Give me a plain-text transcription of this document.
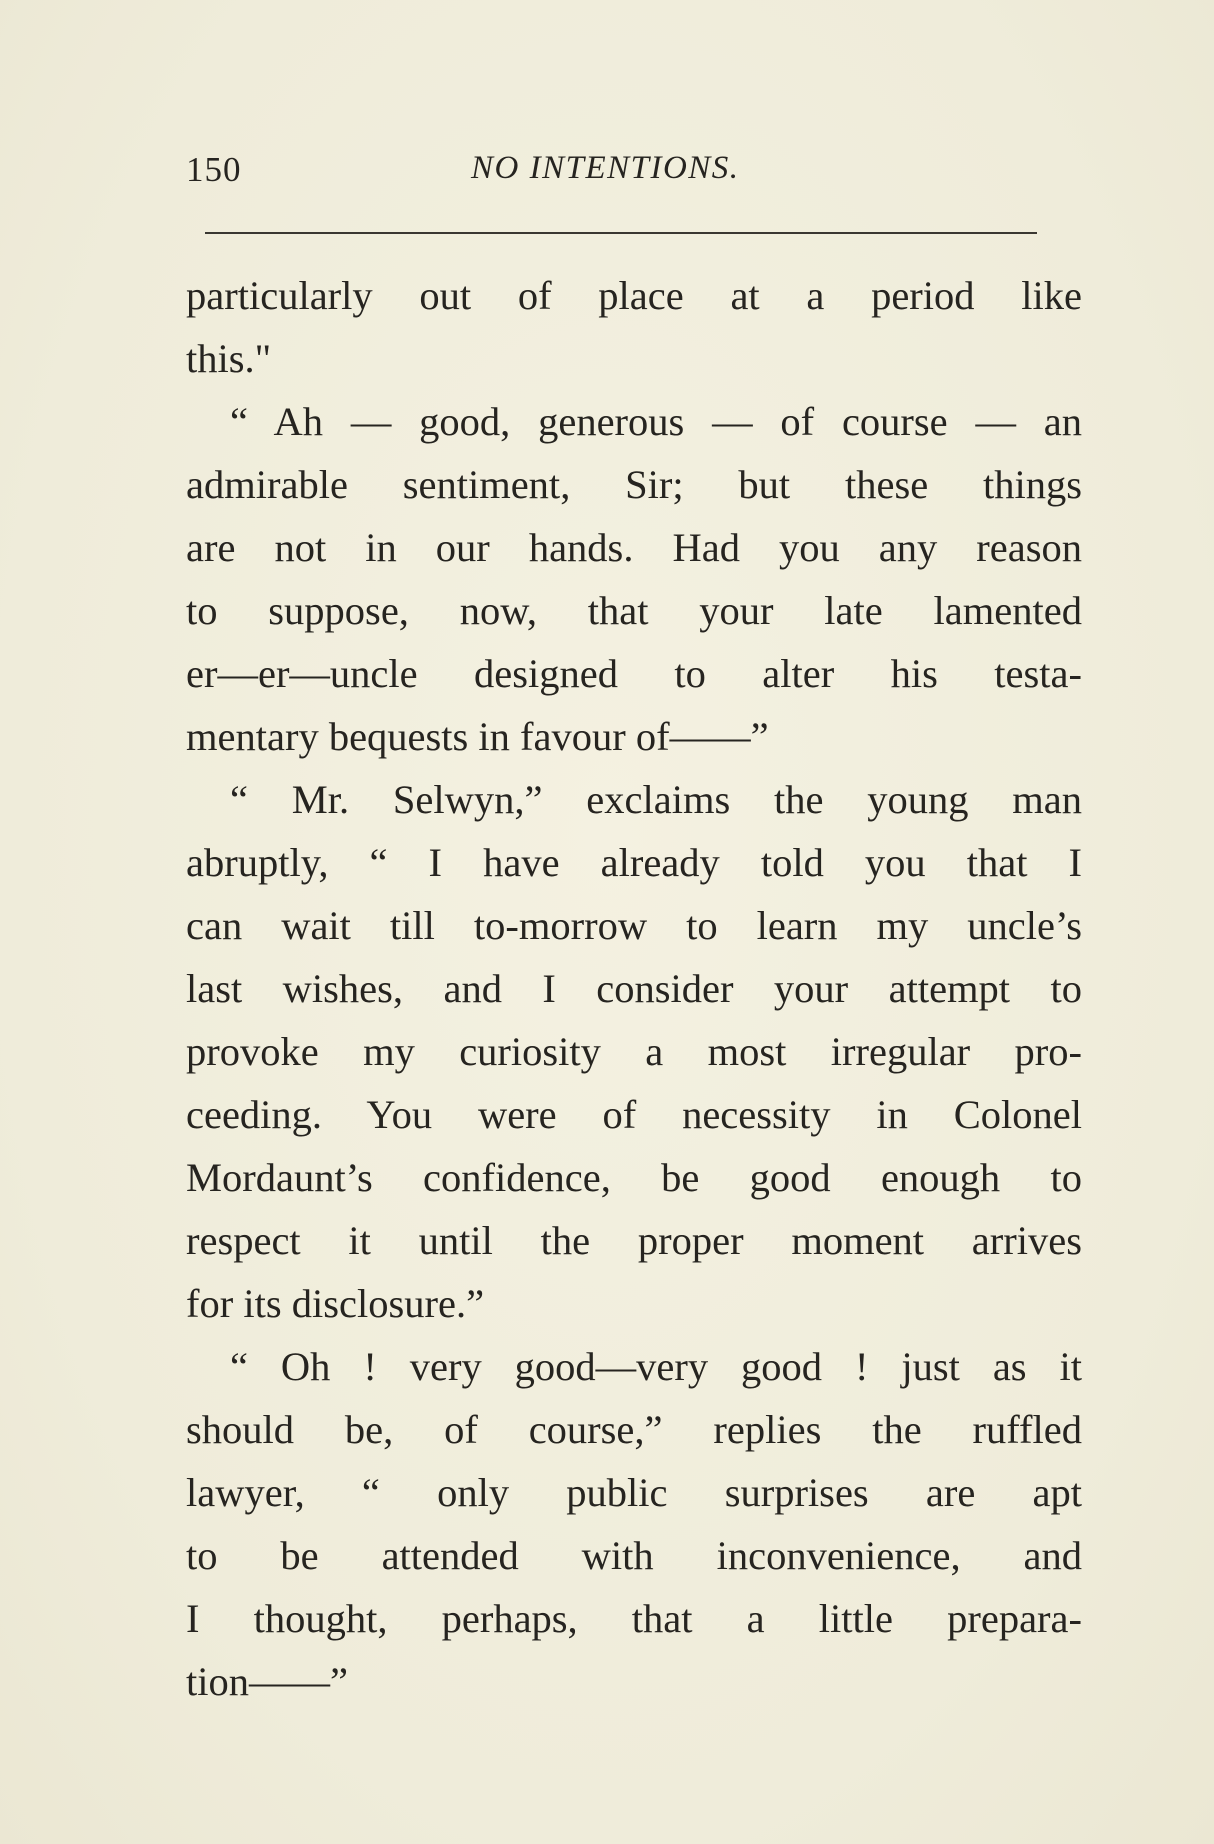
150	NO INTENTIONS.
particularly out of place at a period like
this."
“ Ah — good, generous — of course — an
admirable sentiment, Sir; but these things
are not in our hands. Had you any reason
to suppose, now, that your late lamented
er—er—uncle designed to alter his testa-
mentary bequests in favour of——”
“ Mr. Selwyn,” exclaims the young man
abruptly, “ I have already told you that I
can wait till to-morrow to learn my uncle’s
last wishes, and I consider your attempt to
provoke my curiosity a most irregular pro-
ceeding. You were of necessity in Colonel
Mordaunt’s confidence, be good enough to
respect it until the proper moment arrives
for its disclosure.”
“ Oh ! very good—very good ! just as it
should be, of course,” replies the ruffled
lawyer, “ only public surprises are apt
to be attended with inconvenience, and
I thought, perhaps, that a little prepara-
tion——”
